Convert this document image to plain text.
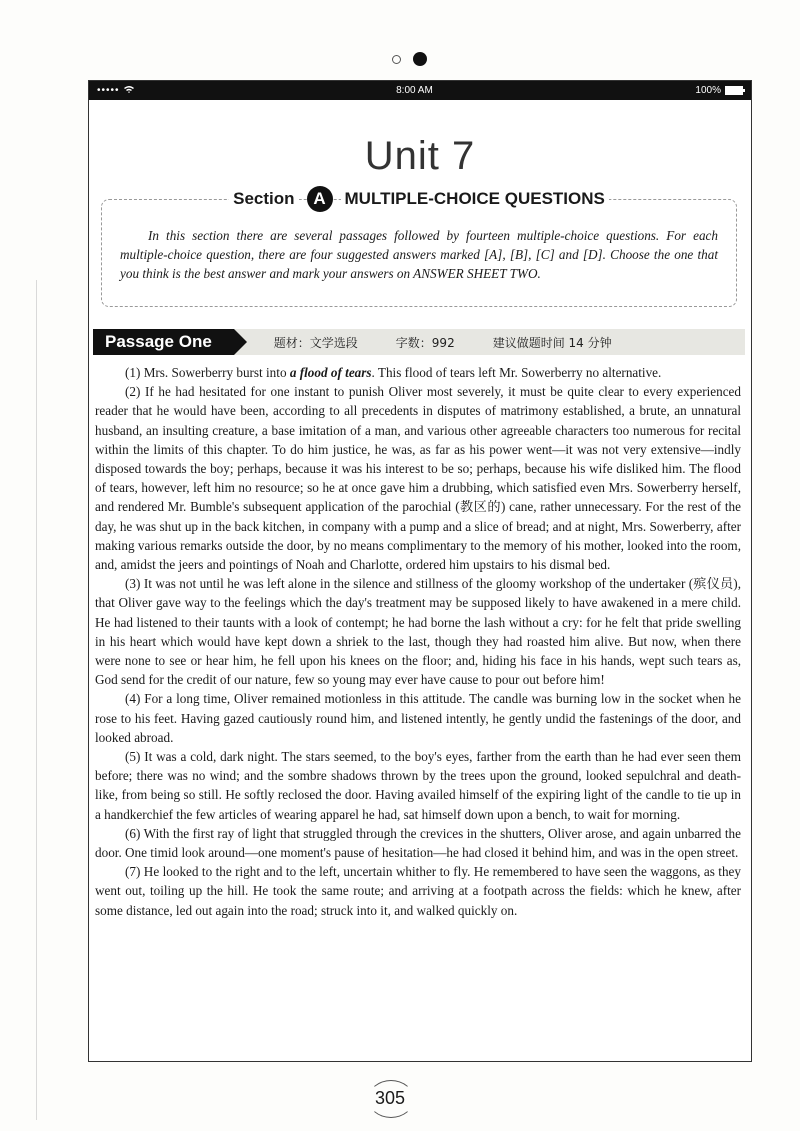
•••••	8:00 AM	100%
Unit 7
Section	A	MULTIPLE-CHOICE QUESTIONS

In this section there are several passages followed by fourteen multiple-choice questions. For each multiple-choice question, there are four suggested answers marked [A], [B], [C] and [D]. Choose the one that you think is the best answer and mark your answers on ANSWER SHEET TWO.

Passage One	题材：文学选段	字数：992	建议做题时间 14 分钟

(1) Mrs. Sowerberry burst into a flood of tears. This flood of tears left Mr. Sowerberry no alternative.

(2) If he had hesitated for one instant to punish Oliver most severely, it must be quite clear to every experienced reader that he would have been, according to all precedents in disputes of matrimony established, a brute, an unnatural husband, an insulting creature, a base imitation of a man, and various other agreeable characters too numerous for recital within the limits of this chapter. To do him justice, he was, as far as his power went—it was not very extensive—indly disposed towards the boy; perhaps, because it was his interest to be so; perhaps, because his wife disliked him. The flood of tears, however, left him no resource; so he at once gave him a drubbing, which satisfied even Mrs. Sowerberry herself, and rendered Mr. Bumble's subsequent application of the parochial (教区的) cane, rather unnecessary. For the rest of the day, he was shut up in the back kitchen, in company with a pump and a slice of bread; and at night, Mrs. Sowerberry, after making various remarks outside the door, by no means complimentary to the memory of his mother, looked into the room, and, amidst the jeers and pointings of Noah and Charlotte, ordered him upstairs to his dismal bed.

(3) It was not until he was left alone in the silence and stillness of the gloomy workshop of the undertaker (殡仪员), that Oliver gave way to the feelings which the day's treatment may be supposed likely to have awakened in a mere child. He had listened to their taunts with a look of contempt; he had borne the lash without a cry: for he felt that pride swelling in his heart which would have kept down a shriek to the last, though they had roasted him alive. But now, when there were none to see or hear him, he fell upon his knees on the floor; and, hiding his face in his hands, wept such tears as, God send for the credit of our nature, few so young may ever have cause to pour out before him!

(4) For a long time, Oliver remained motionless in this attitude. The candle was burning low in the socket when he rose to his feet. Having gazed cautiously round him, and listened intently, he gently undid the fastenings of the door, and looked abroad.

(5) It was a cold, dark night. The stars seemed, to the boy's eyes, farther from the earth than he had ever seen them before; there was no wind; and the sombre shadows thrown by the trees upon the ground, looked sepulchral and death-like, from being so still. He softly reclosed the door. Having availed himself of the expiring light of the candle to tie up in a handkerchief the few articles of wearing apparel he had, sat himself down upon a bench, to wait for morning.

(6) With the first ray of light that struggled through the crevices in the shutters, Oliver arose, and again unbarred the door. One timid look around—one moment's pause of hesitation—he had closed it behind him, and was in the open street.

(7) He looked to the right and to the left, uncertain whither to fly. He remembered to have seen the waggons, as they went out, toiling up the hill. He took the same route; and arriving at a footpath across the fields: which he knew, after some distance, led out again into the road; struck into it, and walked quickly on.

305
